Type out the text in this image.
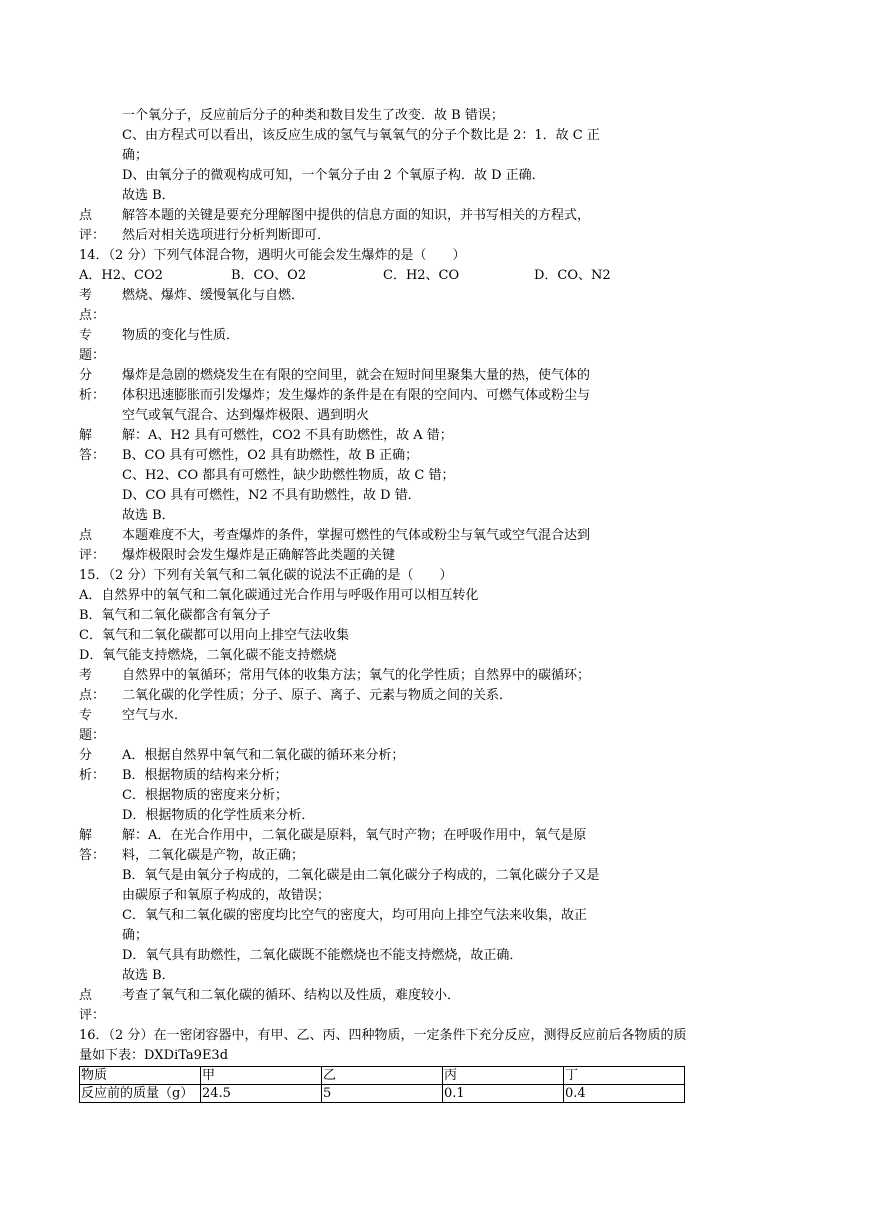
一个氧分子，反应前后分子的种类和数目发生了改变．故 B 错误；
C、由方程式可以看出，该反应生成的氢气与氧氧气的分子个数比是 2：1．故 C 正
确；
D、由氧分子的微观构成可知，一个氧分子由 2 个氧原子构．故 D 正确．
故选 B．
点
评：
解答本题的关键是要充分理解图中提供的信息方面的知识，并书写相关的方程式，
然后对相关选项进行分析判断即可．
14．（2 分）下列气体混合物，遇明火可能会发生爆炸的是（　　）
A．H2、CO2	B．CO、O2	C．H2、CO	D．CO、N2
考
点：
燃烧、爆炸、缓慢氧化与自燃．
专
题：
物质的变化与性质．
分
析：
爆炸是急剧的燃烧发生在有限的空间里，就会在短时间里聚集大量的热，使气体的
体积迅速膨胀而引发爆炸；发生爆炸的条件是在有限的空间内、可燃气体或粉尘与
空气或氧气混合、达到爆炸极限、遇到明火
解
答：
解：A、H2 具有可燃性，CO2 不具有助燃性，故 A 错；
B、CO 具有可燃性，O2 具有助燃性，故 B 正确；
C、H2、CO 都具有可燃性，缺少助燃性物质，故 C 错；
D、CO 具有可燃性，N2 不具有助燃性，故 D 错．
故选 B．
点
评：
本题难度不大，考查爆炸的条件，掌握可燃性的气体或粉尘与氧气或空气混合达到
爆炸极限时会发生爆炸是正确解答此类题的关键
15．（2 分）下列有关氧气和二氧化碳的说法不正确的是（　　）
A．自然界中的氧气和二氧化碳通过光合作用与呼吸作用可以相互转化
B．氧气和二氧化碳都含有氧分子
C．氧气和二氧化碳都可以用向上排空气法收集
D．氧气能支持燃烧，二氧化碳不能支持燃烧
考
点：
自然界中的氧循环；常用气体的收集方法；氧气的化学性质；自然界中的碳循环；
二氧化碳的化学性质；分子、原子、离子、元素与物质之间的关系．
专
题：
空气与水．
分
析：
A．根据自然界中氧气和二氧化碳的循环来分析；
B．根据物质的结构来分析；
C．根据物质的密度来分析；
D．根据物质的化学性质来分析．
解
答：
解：A．在光合作用中，二氧化碳是原料，氧气时产物；在呼吸作用中，氧气是原
料，二氧化碳是产物，故正确；
B．氧气是由氧分子构成的，二氧化碳是由二氧化碳分子构成的，二氧化碳分子又是
由碳原子和氧原子构成的，故错误；
C．氧气和二氧化碳的密度均比空气的密度大，均可用向上排空气法来收集，故正
确；
D．氧气具有助燃性，二氧化碳既不能燃烧也不能支持燃烧，故正确．
故选 B．
点
评：
考查了氧气和二氧化碳的循环、结构以及性质，难度较小．
16．（2 分）在一密闭容器中，有甲、乙、丙、四种物质，一定条件下充分反应，测得反应前后各物质的质
量如下表：DXDiTa9E3d
物质	甲	乙	丙	丁
反应前的质量（g）	24.5	5	0.1	0.4
